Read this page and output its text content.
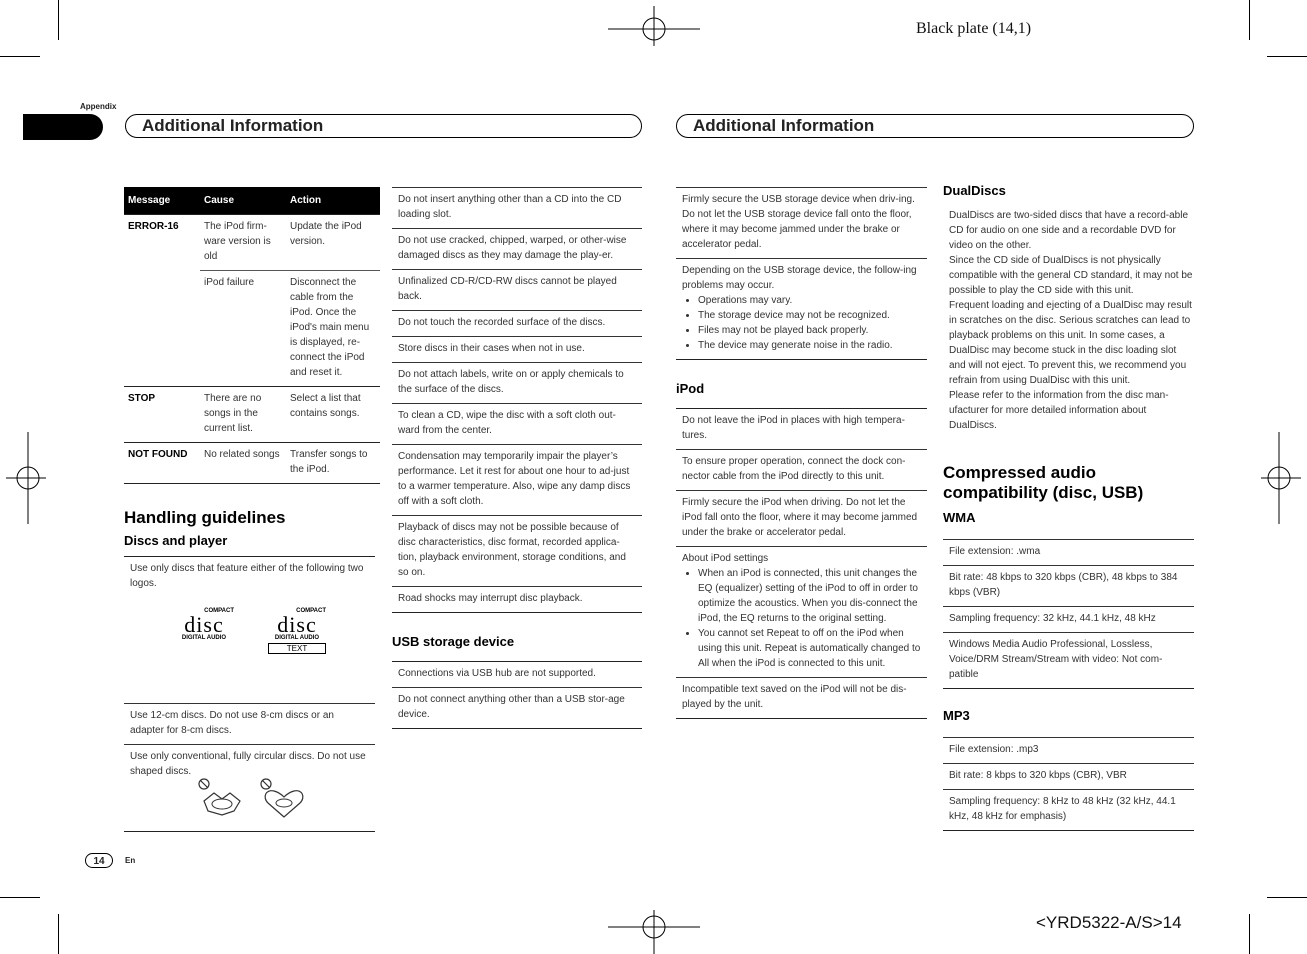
Black plate (14,1)
<YRD5322-A/S>14
Appendix
Additional Information	Additional Information
Message	Cause	Action
ERROR-16	The iPod firm-ware version is old	Update the iPod version.
	iPod failure	Disconnect the cable from the iPod. Once the iPod's main menu is displayed, re-connect the iPod and reset it.
STOP	There are no songs in the current list.	Select a list that contains songs.
NOT FOUND	No related songs	Transfer songs to the iPod.
Handling guidelines
Discs and player
Use only discs that feature either of the following two logos.
COMPACT
disc
DIGITAL AUDIO
COMPACT
disc
DIGITAL AUDIO
TEXT
Use 12-cm discs. Do not use 8-cm discs or an adapter for 8-cm discs.
Use only conventional, fully circular discs. Do not use shaped discs.
Do not insert anything other than a CD into the CD loading slot.
Do not use cracked, chipped, warped, or other-wise damaged discs as they may damage the play-er.
Unfinalized CD-R/CD-RW discs cannot be played back.
Do not touch the recorded surface of the discs.
Store discs in their cases when not in use.
Do not attach labels, write on or apply chemicals to the surface of the discs.
To clean a CD, wipe the disc with a soft cloth out-ward from the center.
Condensation may temporarily impair the player’s performance. Let it rest for about one hour to ad-just to a warmer temperature. Also, wipe any damp discs off with a soft cloth.
Playback of discs may not be possible because of disc characteristics, disc format, recorded applica-tion, playback environment, storage conditions, and so on.
Road shocks may interrupt disc playback.
USB storage device
Connections via USB hub are not supported.
Do not connect anything other than a USB stor-age device.
Firmly secure the USB storage device when driv-ing. Do not let the USB storage device fall onto the floor, where it may become jammed under the brake or accelerator pedal.
Depending on the USB storage device, the follow-ing problems may occur.
• Operations may vary.
• The storage device may not be recognized.
• Files may not be played back properly.
• The device may generate noise in the radio.
iPod
Do not leave the iPod in places with high tempera-tures.
To ensure proper operation, connect the dock con-nector cable from the iPod directly to this unit.
Firmly secure the iPod when driving. Do not let the iPod fall onto the floor, where it may become jammed under the brake or accelerator pedal.
About iPod settings
• When an iPod is connected, this unit changes the EQ (equalizer) setting of the iPod to off in order to optimize the acoustics. When you dis-connect the iPod, the EQ returns to the original setting.
• You cannot set Repeat to off on the iPod when using this unit. Repeat is automatically changed to All when the iPod is connected to this unit.
Incompatible text saved on the iPod will not be dis-played by the unit.
DualDiscs
DualDiscs are two-sided discs that have a record-able CD for audio on one side and a recordable DVD for video on the other.
Since the CD side of DualDiscs is not physically compatible with the general CD standard, it may not be possible to play the CD side with this unit.
Frequent loading and ejecting of a DualDisc may result in scratches on the disc. Serious scratches can lead to playback problems on this unit. In some cases, a DualDisc may become stuck in the disc loading slot and will not eject. To prevent this, we recommend you refrain from using DualDisc with this unit.
Please refer to the information from the disc man-ufacturer for more detailed information about DualDiscs.
Compressed audio
compatibility (disc, USB)
WMA
File extension: .wma
Bit rate: 48 kbps to 320 kbps (CBR), 48 kbps to 384 kbps (VBR)
Sampling frequency: 32 kHz, 44.1 kHz, 48 kHz
Windows Media Audio Professional, Lossless, Voice/DRM Stream/Stream with video: Not com-patible
MP3
File extension: .mp3
Bit rate: 8 kbps to 320 kbps (CBR), VBR
Sampling frequency: 8 kHz to 48 kHz (32 kHz, 44.1 kHz, 48 kHz for emphasis)
14	En
